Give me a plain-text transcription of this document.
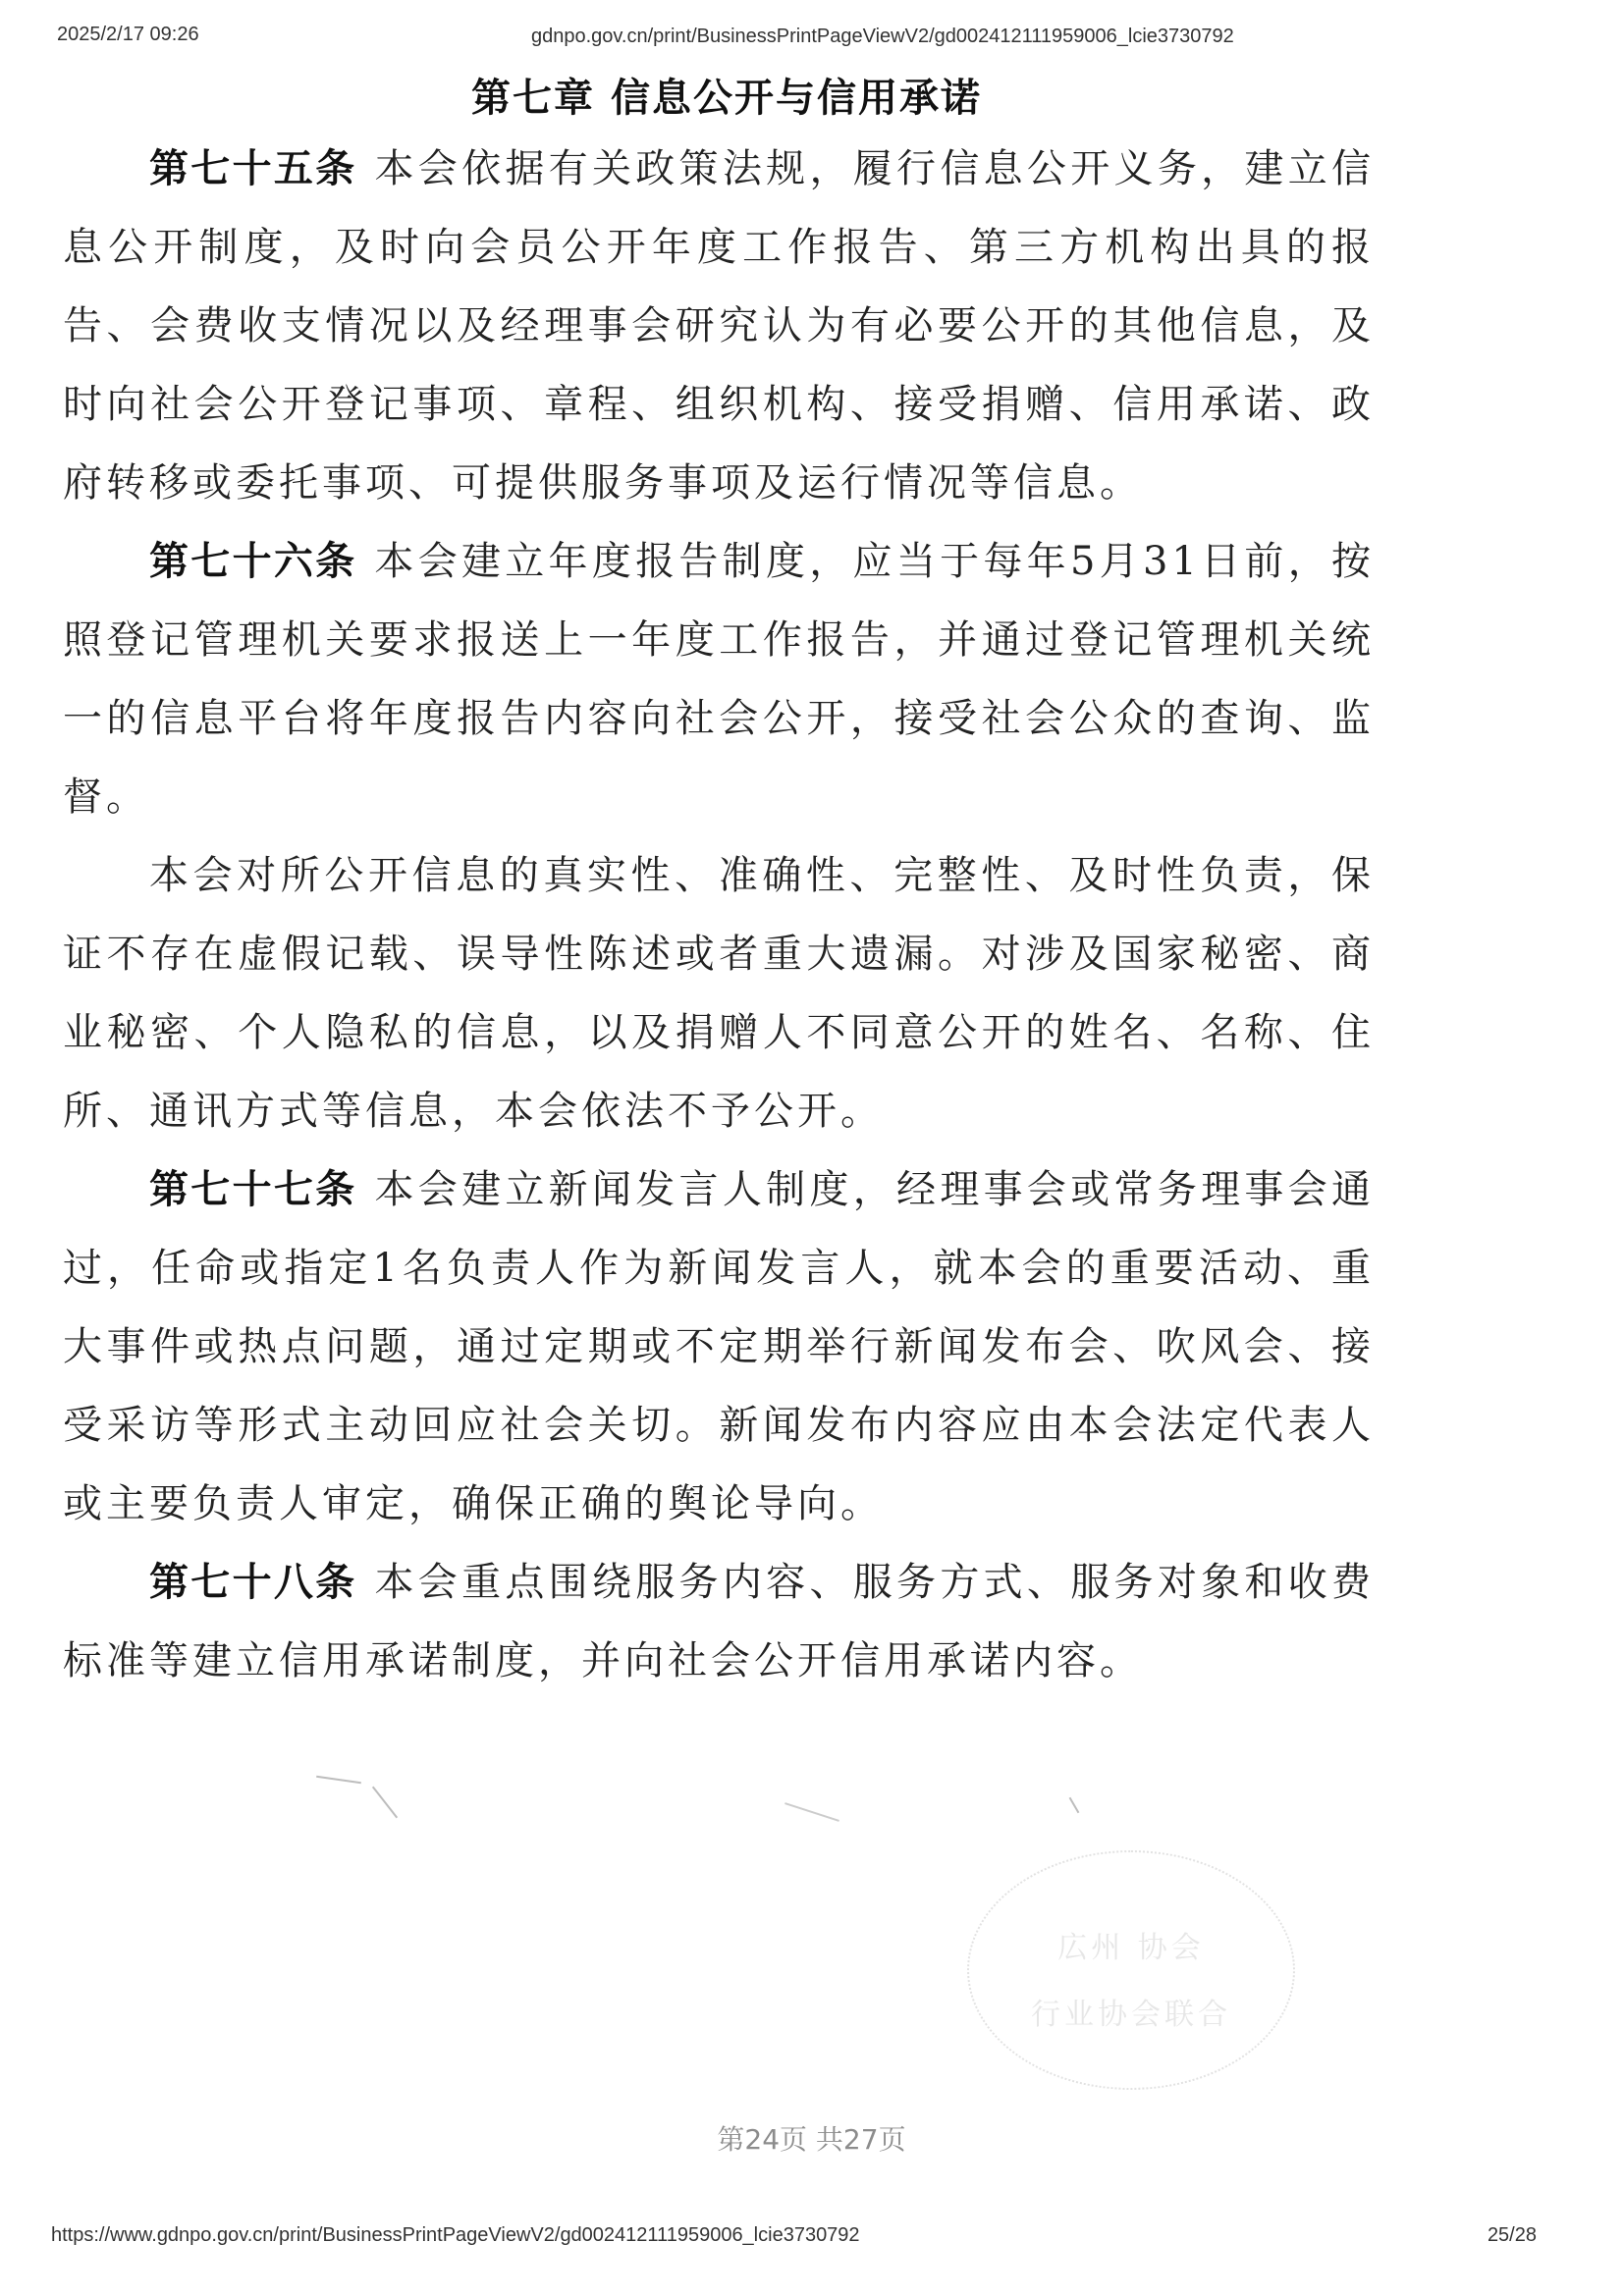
2025/2/17 09:26	gdnpo.gov.cn/print/BusinessPrintPageViewV2/gd002412111959006_lcie3730792
第七章 信息公开与信用承诺

第七十五条 本会依据有关政策法规，履行信息公开义务，建立信息公开制度，及时向会员公开年度工作报告、第三方机构出具的报告、会费收支情况以及经理事会研究认为有必要公开的其他信息，及时向社会公开登记事项、章程、组织机构、接受捐赠、信用承诺、政府转移或委托事项、可提供服务事项及运行情况等信息。

第七十六条 本会建立年度报告制度，应当于每年5月31日前，按照登记管理机关要求报送上一年度工作报告，并通过登记管理机关统一的信息平台将年度报告内容向社会公开，接受社会公众的查询、监督。

本会对所公开信息的真实性、准确性、完整性、及时性负责，保证不存在虚假记载、误导性陈述或者重大遗漏。对涉及国家秘密、商业秘密、个人隐私的信息，以及捐赠人不同意公开的姓名、名称、住所、通讯方式等信息，本会依法不予公开。

第七十七条 本会建立新闻发言人制度，经理事会或常务理事会通过，任命或指定1名负责人作为新闻发言人，就本会的重要活动、重大事件或热点问题，通过定期或不定期举行新闻发布会、吹风会、接受采访等形式主动回应社会关切。新闻发布内容应由本会法定代表人或主要负责人审定，确保正确的舆论导向。

第七十八条 本会重点围绕服务内容、服务方式、服务对象和收费标准等建立信用承诺制度，并向社会公开信用承诺内容。

広州 协会
行业协会联合
第24页 共27页
https://www.gdnpo.gov.cn/print/BusinessPrintPageViewV2/gd002412111959006_lcie3730792	25/28
